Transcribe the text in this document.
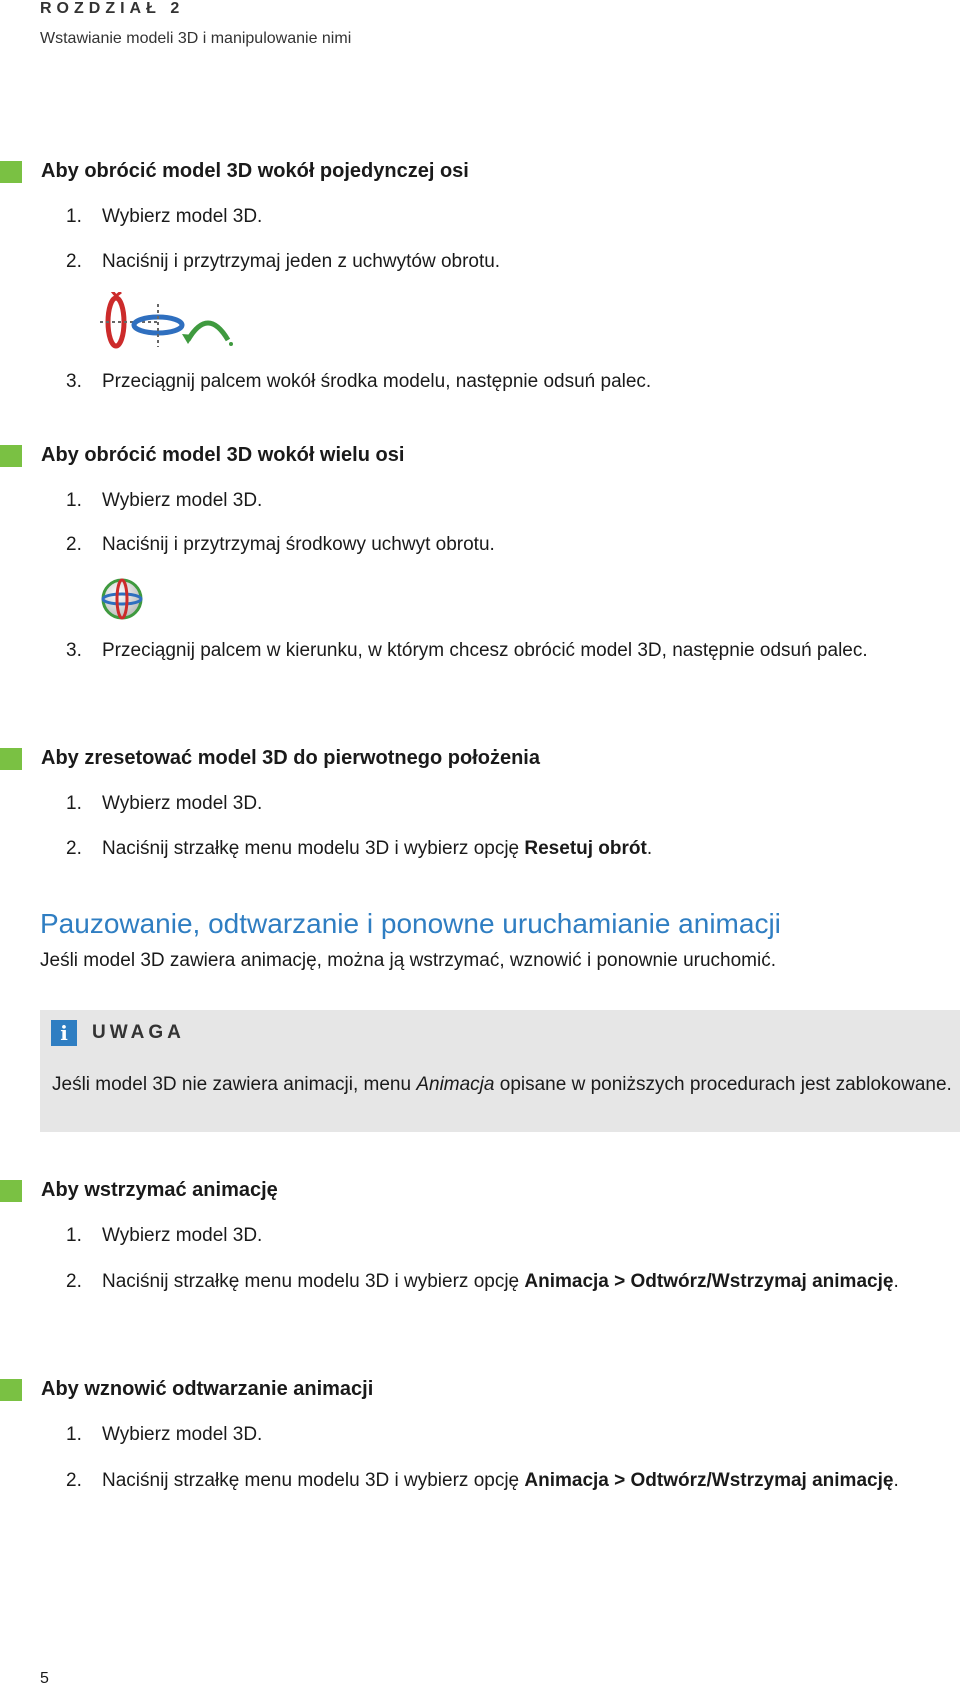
ROZDZIAŁ 2
Wstawianie modeli 3D i manipulowanie nimi
Aby obrócić model 3D wokół pojedynczej osi
1. Wybierz model 3D.
2. Naciśnij i przytrzymaj jeden z uchwytów obrotu.
3. Przeciągnij palcem wokół środka modelu, następnie odsuń palec.
Aby obrócić model 3D wokół wielu osi
1. Wybierz model 3D.
2. Naciśnij i przytrzymaj środkowy uchwyt obrotu.
3.	Przeciągnij palcem w kierunku, w którym chcesz obrócić model 3D, następnie odsuń palec.
Aby zresetować model 3D do pierwotnego położenia
1. Wybierz model 3D.
2. Naciśnij strzałkę menu modelu 3D i wybierz opcję Resetuj obrót.
Pauzowanie, odtwarzanie i ponowne uruchamianie animacji
Jeśli model 3D zawiera animację, można ją wstrzymać, wznowić i ponownie uruchomić.
i	UWAGA
Jeśli model 3D nie zawiera animacji, menu Animacja opisane w poniższych procedurach jest zablokowane.
Aby wstrzymać animację
1. Wybierz model 3D.
2.	Naciśnij strzałkę menu modelu 3D i wybierz opcję Animacja > Odtwórz/Wstrzymaj animację.
Aby wznowić odtwarzanie animacji
1. Wybierz model 3D.
2.	Naciśnij strzałkę menu modelu 3D i wybierz opcję Animacja > Odtwórz/Wstrzymaj animację.
5
